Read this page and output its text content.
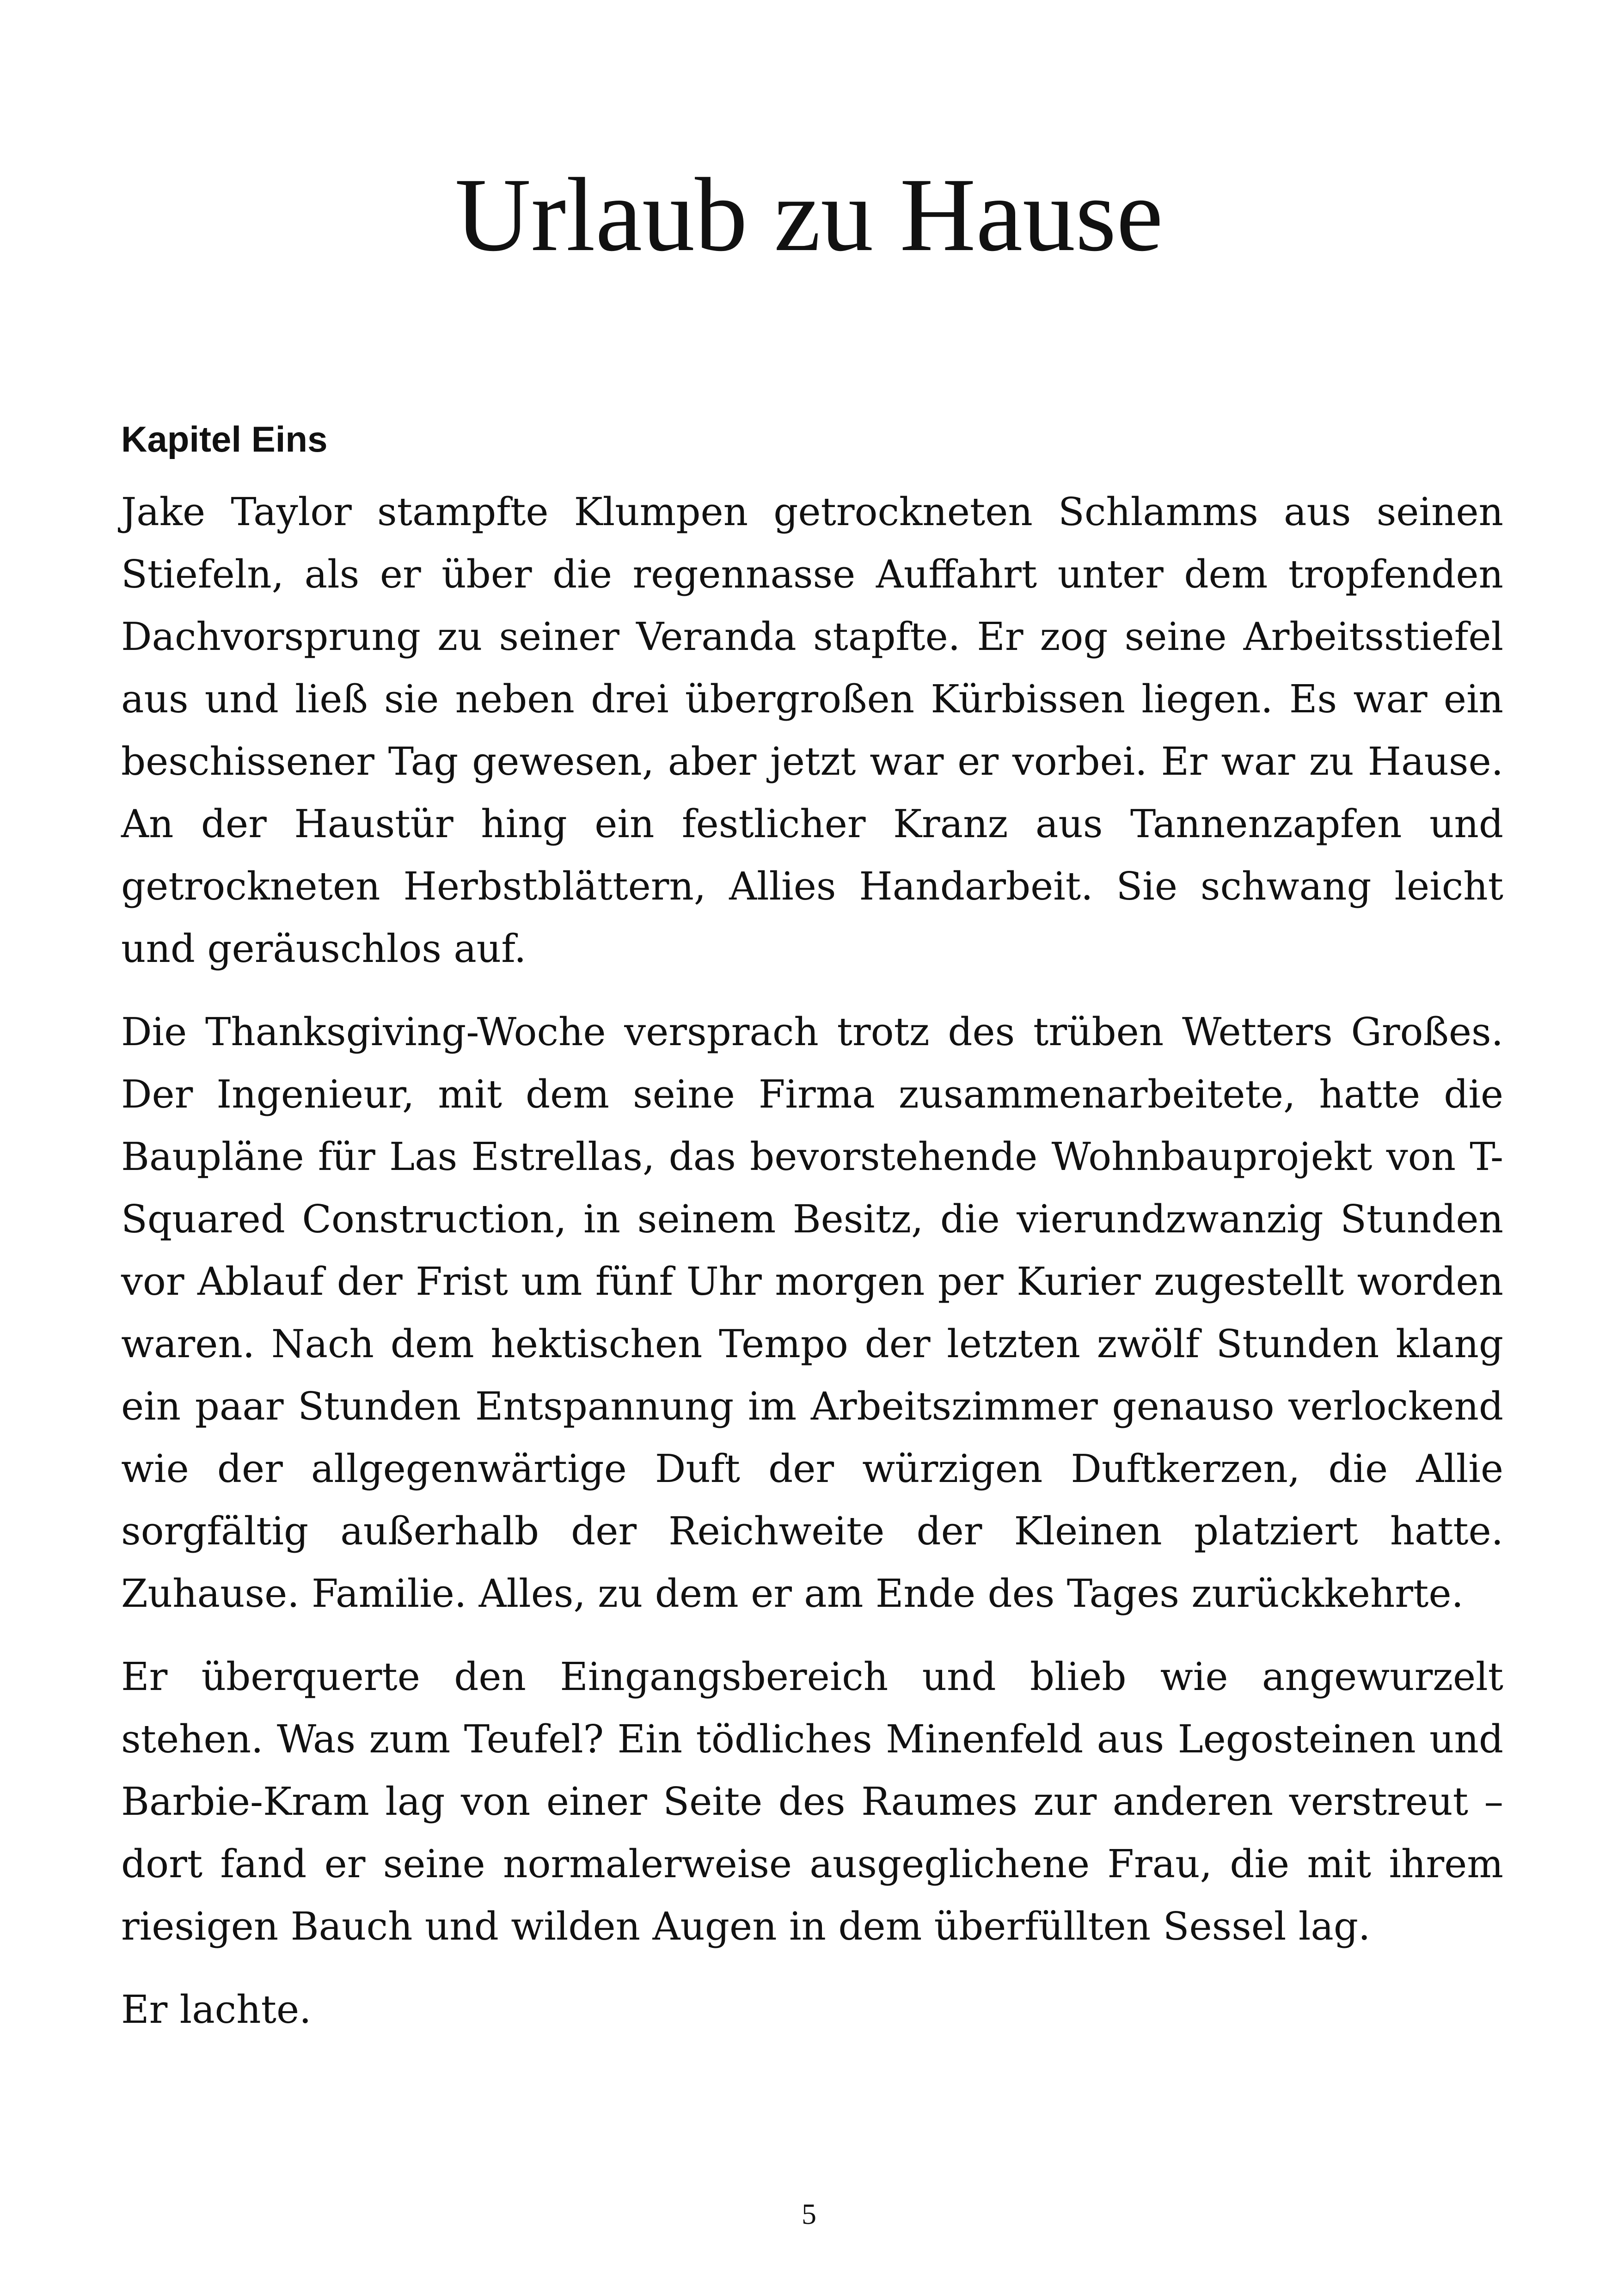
Urlaub zu Hause
Kapitel Eins

Jake Taylor stampfte Klumpen getrockneten Schlamms aus seinen Stiefeln, als er über die regennasse Auffahrt unter dem tropfenden Dachvorsprung zu seiner Veranda stapfte. Er zog seine Arbeitsstiefel aus und ließ sie neben drei übergroßen Kürbissen liegen. Es war ein beschissener Tag gewesen, aber jetzt war er vorbei. Er war zu Hause. An der Haustür hing ein festlicher Kranz aus Tannenzapfen und getrockneten Herbstblättern, Allies Handarbeit. Sie schwang leicht und geräuschlos auf.

Die Thanksgiving-Woche versprach trotz des trüben Wetters Großes. Der Ingenieur, mit dem seine Firma zusammenarbeitete, hatte die Baupläne für Las Estrellas, das bevorstehende Wohnbauprojekt von T-Squared Construction, in seinem Besitz, die vierundzwanzig Stunden vor Ablauf der Frist um fünf Uhr morgen per Kurier zugestellt worden waren. Nach dem hektischen Tempo der letzten zwölf Stunden klang ein paar Stunden Entspannung im Arbeitszimmer genauso verlockend wie der allgegenwärtige Duft der würzigen Duftkerzen, die Allie sorgfältig außerhalb der Reichweite der Kleinen platziert hatte. Zuhause. Familie. Alles, zu dem er am Ende des Tages zurückkehrte.

Er überquerte den Eingangsbereich und blieb wie angewurzelt stehen. Was zum Teufel? Ein tödliches Minenfeld aus Legosteinen und Barbie-Kram lag von einer Seite des Raumes zur anderen verstreut – dort fand er seine normalerweise ausgeglichene Frau, die mit ihrem riesigen Bauch und wilden Augen in dem überfüllten Sessel lag.

Er lachte.

5
